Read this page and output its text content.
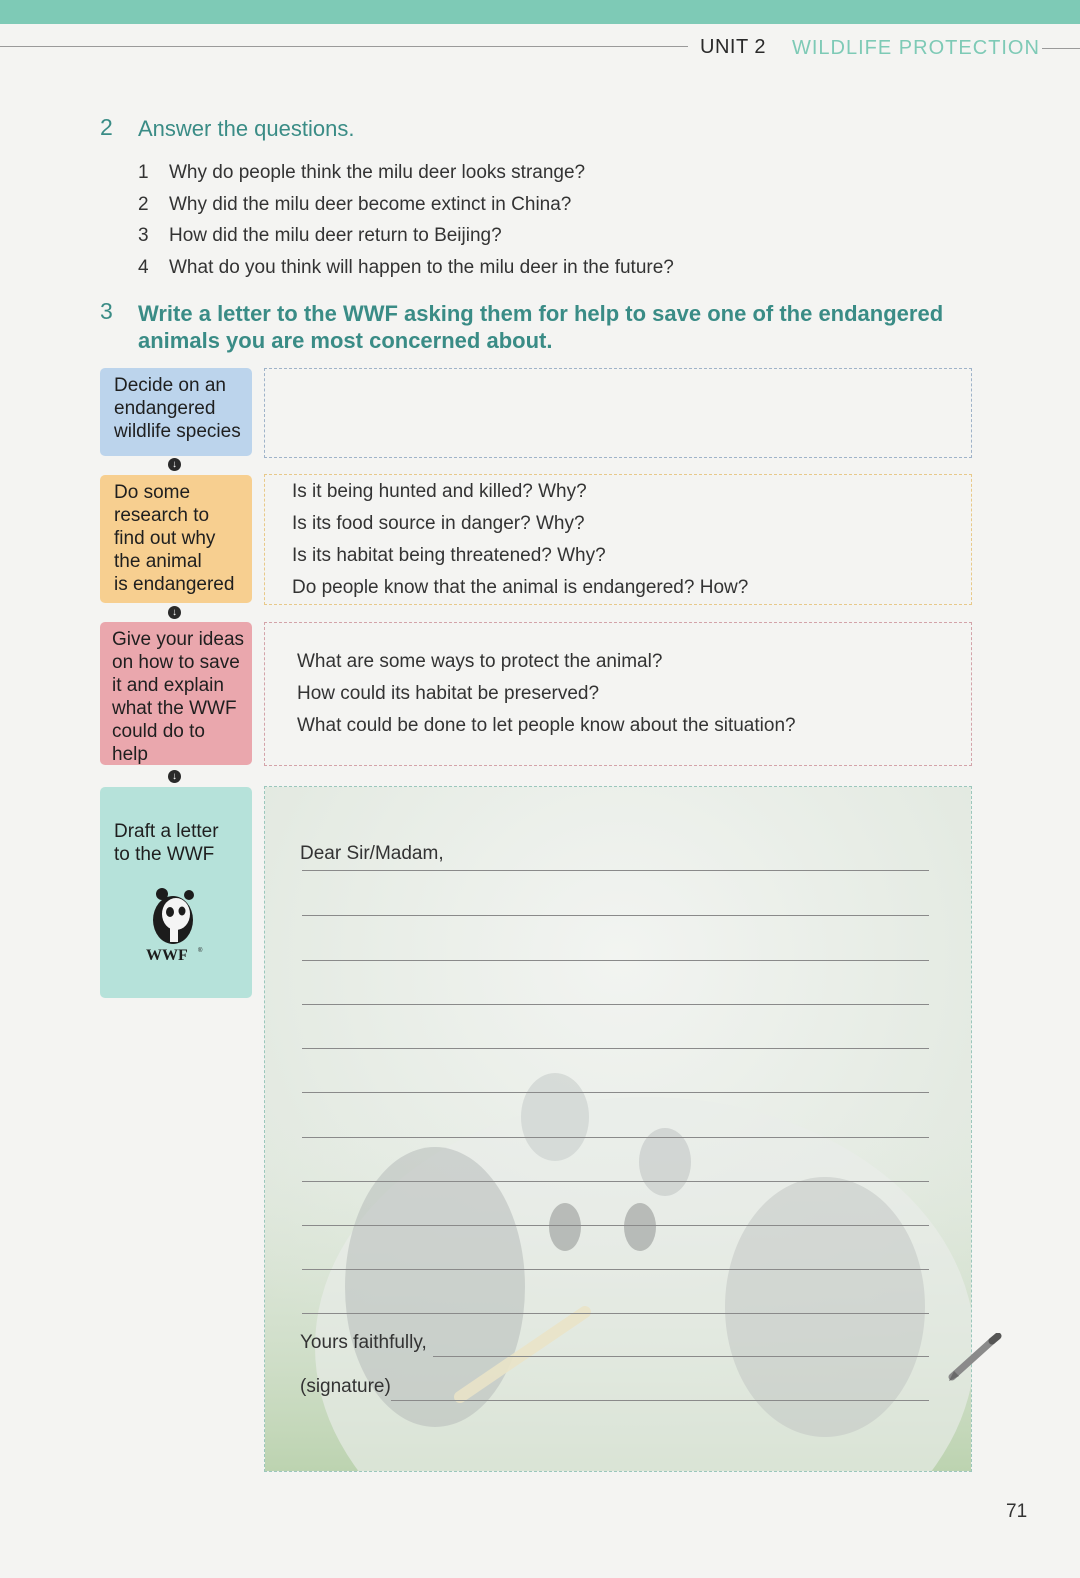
UNIT 2 WILDLIFE PROTECTION
2 Answer the questions.
1 Why do people think the milu deer looks strange?
2 Why did the milu deer become extinct in China?
3 How did the milu deer return to Beijing?
4 What do you think will happen to the milu deer in the future?
3 Write a letter to the WWF asking them for help to save one of the endangered
animals you are most concerned about.
Decide on an
endangered
wildlife species
↓
Do some
research to
find out why
the animal
is endangered
↓
Is it being hunted and killed? Why?
Is its food source in danger? Why?
Is its habitat being threatened? Why?
Do people know that the animal is endangered? How?
Give your ideas
on how to save
it and explain
what the WWF
could do to help
↓
What are some ways to protect the animal?
How could its habitat be preserved?
What could be done to let people know about the situation?
Draft a letter
to the WWF
WWF ®
Dear Sir/Madam,
Yours faithfully,
(signature)
71
